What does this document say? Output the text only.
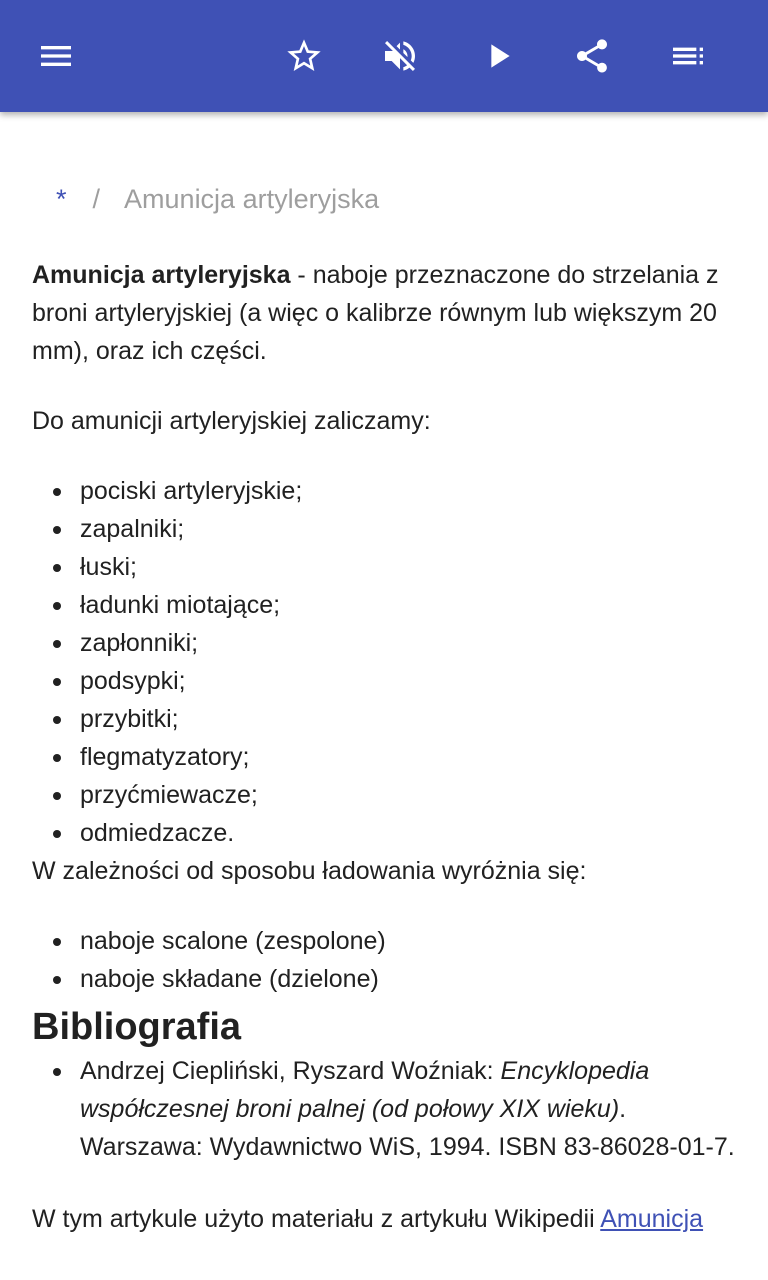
* / Amunicja artyleryjska

Amunicja artyleryjska - naboje przeznaczone do strzelania z broni artyleryjskiej (a więc o kalibrze równym lub większym 20 mm), oraz ich części.

Do amunicji artyleryjskiej zaliczamy:

pociski artyleryjskie;
zapalniki;
łuski;
ładunki miotające;
zapłonniki;
podsypki;
przybitki;
flegmatyzatory;
przyćmiewacze;
odmiedzacze.

W zależności od sposobu ładowania wyróżnia się:

naboje scalone (zespolone)
naboje składane (dzielone)
Bibliografia
Andrzej Ciepliński, Ryszard Woźniak: Encyklopedia współczesnej broni palnej (od połowy XIX wieku). Warszawa: Wydawnictwo WiS, 1994. ISBN 83-86028-01-7.

W tym artykule użyto materiału z artykułu Wikipedii Amunicja
